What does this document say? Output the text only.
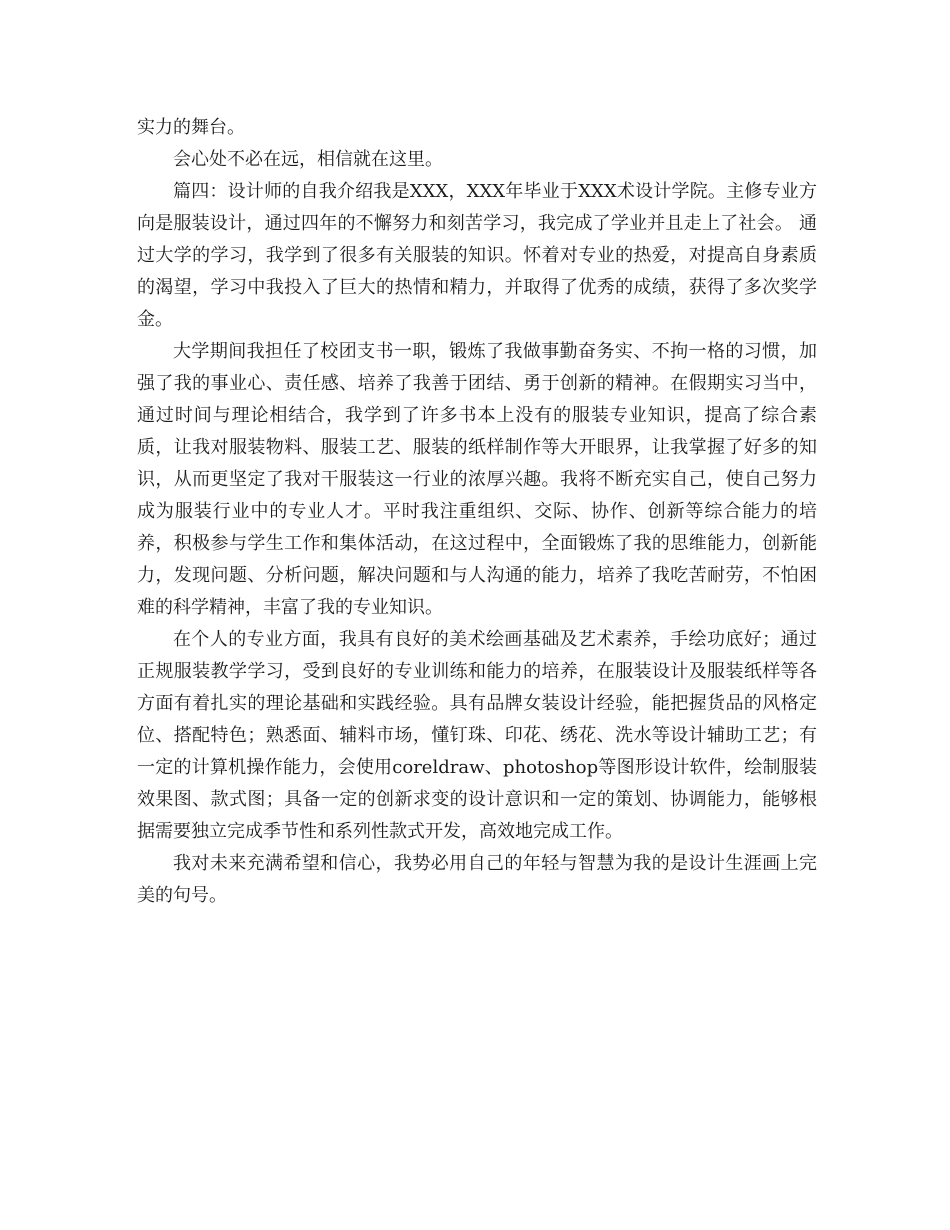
实力的舞台。

会心处不必在远，相信就在这里。

篇四：设计师的自我介绍我是XXX，XXX年毕业于XXX术设计学院。主修专业方向是服装设计，通过四年的不懈努力和刻苦学习，我完成了学业并且走上了社会。 通过大学的学习，我学到了很多有关服装的知识。怀着对专业的热爱，对提高自身素质的渴望，学习中我投入了巨大的热情和精力，并取得了优秀的成绩，获得了多次奖学金。

大学期间我担任了校团支书一职，锻炼了我做事勤奋务实、不拘一格的习惯，加强了我的事业心、责任感、培养了我善于团结、勇于创新的精神。在假期实习当中，通过时间与理论相结合，我学到了许多书本上没有的服装专业知识，提高了综合素质，让我对服装物料、服装工艺、服装的纸样制作等大开眼界，让我掌握了好多的知识，从而更坚定了我对干服装这一行业的浓厚兴趣。我将不断充实自己，使自己努力成为服装行业中的专业人才。平时我注重组织、交际、协作、创新等综合能力的培养，积极参与学生工作和集体活动，在这过程中，全面锻炼了我的思维能力，创新能力，发现问题、分析问题，解决问题和与人沟通的能力，培养了我吃苦耐劳，不怕困难的科学精神，丰富了我的专业知识。

在个人的专业方面，我具有良好的美术绘画基础及艺术素养，手绘功底好；通过正规服装教学学习，受到良好的专业训练和能力的培养，在服装设计及服装纸样等各方面有着扎实的理论基础和实践经验。具有品牌女装设计经验，能把握货品的风格定位、搭配特色；熟悉面、辅料市场，懂钉珠、印花、绣花、洗水等设计辅助工艺；有一定的计算机操作能力，会使用coreldraw、photoshop等图形设计软件，绘制服装效果图、款式图；具备一定的创新求变的设计意识和一定的策划、协调能力，能够根据需要独立完成季节性和系列性款式开发，高效地完成工作。

我对未来充满希望和信心，我势必用自己的年轻与智慧为我的是设计生涯画上完美的句号。
